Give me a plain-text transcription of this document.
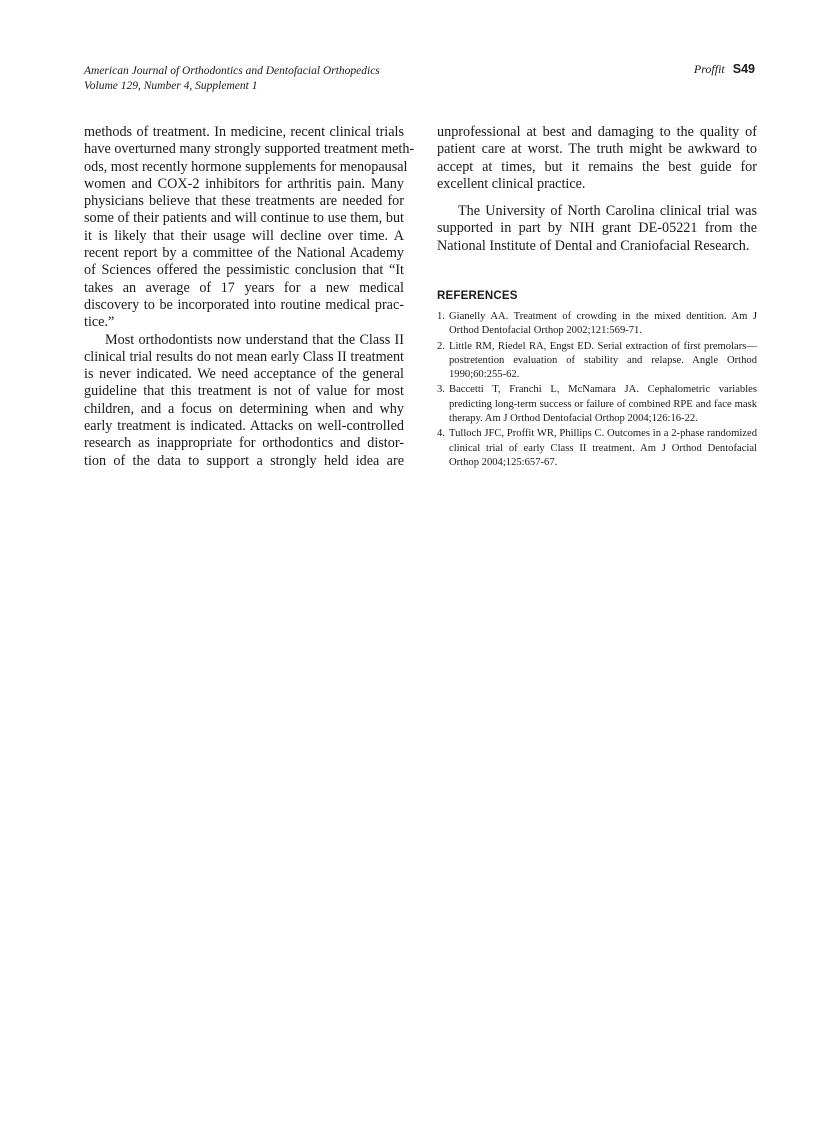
American Journal of Orthodontics and Dentofacial Orthopedics
Volume 129, Number 4, Supplement 1
Proffit S49
methods of treatment. In medicine, recent clinical trials
have overturned many strongly supported treatment meth-
ods, most recently hormone supplements for menopausal
women and COX-2 inhibitors for arthritis pain. Many
physicians believe that these treatments are needed for
some of their patients and will continue to use them, but
it is likely that their usage will decline over time. A
recent report by a committee of the National Academy
of Sciences offered the pessimistic conclusion that “It
takes an average of 17 years for a new medical
discovery to be incorporated into routine medical prac-
tice.”
Most orthodontists now understand that the Class II
clinical trial results do not mean early Class II treatment
is never indicated. We need acceptance of the general
guideline that this treatment is not of value for most
children, and a focus on determining when and why
early treatment is indicated. Attacks on well-controlled
research as inappropriate for orthodontics and distor-
tion of the data to support a strongly held idea are
unprofessional at best and damaging to the quality of
patient care at worst. The truth might be awkward to
accept at times, but it remains the best guide for
excellent clinical practice.
The University of North Carolina clinical trial was
supported in part by NIH grant DE-05221 from the
National Institute of Dental and Craniofacial Research.
REFERENCES
1. Gianelly AA. Treatment of crowding in the mixed dentition. Am J Orthod Dentofacial Orthop 2002;121:569-71.
2. Little RM, Riedel RA, Engst ED. Serial extraction of first premolars—postretention evaluation of stability and relapse. Angle Orthod 1990;60:255-62.
3. Baccetti T, Franchi L, McNamara JA. Cephalometric variables predicting long-term success or failure of combined RPE and face mask therapy. Am J Orthod Dentofacial Orthop 2004;126:16-22.
4. Tulloch JFC, Proffit WR, Phillips C. Outcomes in a 2-phase randomized clinical trial of early Class II treatment. Am J Orthod Dentofacial Orthop 2004;125:657-67.
